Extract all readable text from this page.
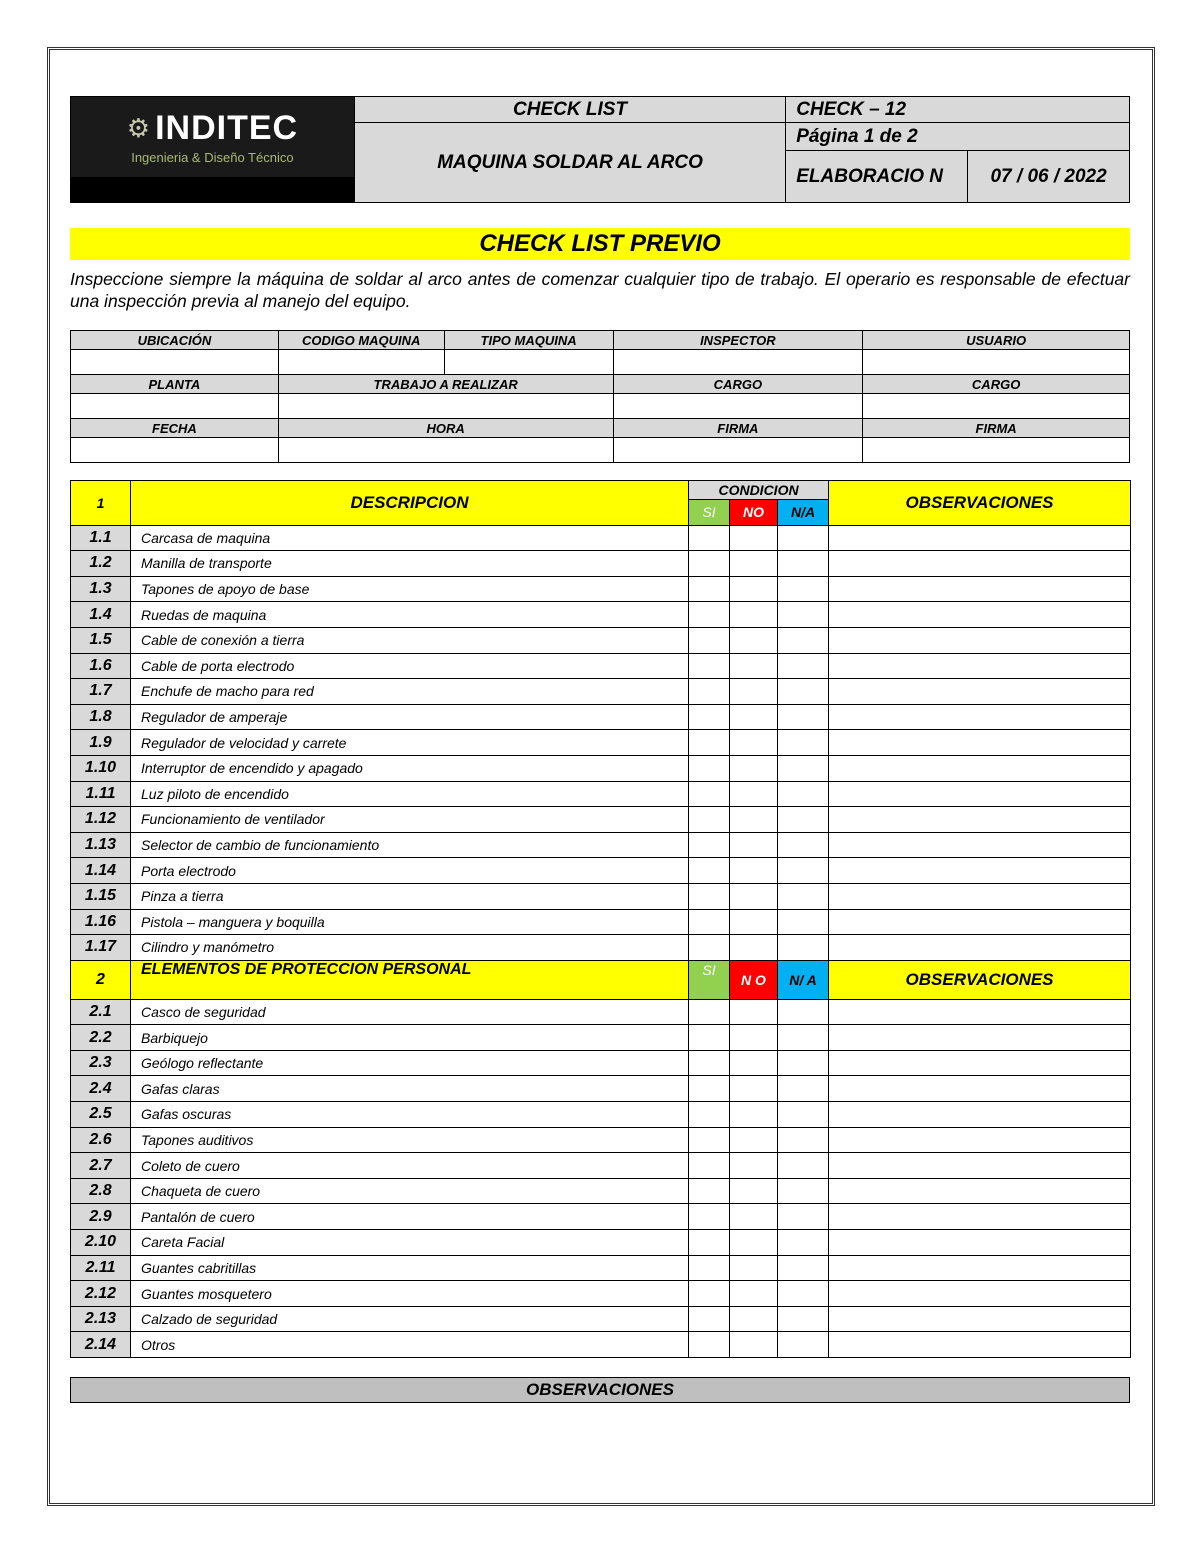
⚙ INDITEC
Ingenieria & Diseño Técnico	CHECK LIST	CHECK – 12	
	MAQUINA SOLDAR AL ARCO	Página 1 de 2	
		ELABORACIO N	07 / 06 / 2022
CHECK LIST PREVIO
Inspeccione siempre la máquina de soldar al arco antes de comenzar cualquier tipo de trabajo. El operario es responsable de efectuar una inspección previa al manejo del equipo.
UBICACIÓN	CODIGO MAQUINA	TIPO MAQUINA	INSPECTOR	USUARIO

PLANTA	TRABAJO A REALIZAR		CARGO	CARGO

FECHA	HORA		FIRMA	FIRMA

1	DESCRIPCION	CONDICION			OBSERVACIONES
		SI	NO	N/A	
1.1	Carcasa de maquina				
1.2	Manilla de transporte				
1.3	Tapones de apoyo de base				
1.4	Ruedas de maquina				
1.5	Cable de conexión a tierra				
1.6	Cable de porta electrodo				
1.7	Enchufe de macho para red				
1.8	Regulador de amperaje				
1.9	Regulador de velocidad y carrete				
1.10	Interruptor de encendido y apagado				
1.11	Luz piloto de encendido				
1.12	Funcionamiento de ventilador				
1.13	Selector de cambio de funcionamiento				
1.14	Porta electrodo				
1.15	Pinza a tierra				
1.16	Pistola – manguera y boquilla				
1.17	Cilindro y manómetro				
2	ELEMENTOS DE PROTECCION PERSONAL	SI	N O	N/ A	OBSERVACIONES
2.1	Casco de seguridad				
2.2	Barbiquejo				
2.3	Geólogo reflectante				
2.4	Gafas claras				
2.5	Gafas oscuras				
2.6	Tapones auditivos				
2.7	Coleto de cuero				
2.8	Chaqueta de cuero				
2.9	Pantalón de cuero				
2.10	Careta Facial				
2.11	Guantes cabritillas				
2.12	Guantes mosquetero				
2.13	Calzado de seguridad				
2.14	Otros				
OBSERVACIONES
